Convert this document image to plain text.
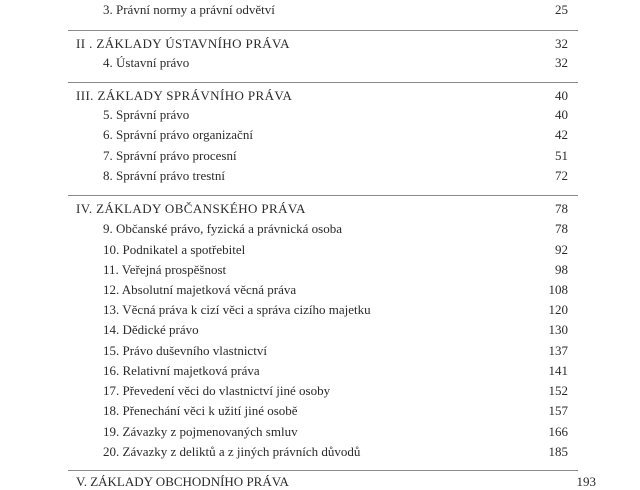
3. Právní normy a právní odvětví	25
II . ZÁKLADY ÚSTAVNÍHO PRÁVA	32
4. Ústavní právo	32
III. ZÁKLADY SPRÁVNÍHO PRÁVA	40
5. Správní právo	40
6. Správní právo organizační	42
7. Správní právo procesní	51
8. Správní právo trestní	72
IV. ZÁKLADY OBČANSKÉHO PRÁVA	78
9. Občanské právo, fyzická a právnická osoba	78
10. Podnikatel a spotřebitel	92
11. Veřejná prospěšnost	98
12. Absolutní majetková věcná práva	108
13. Věcná práva k cizí věci a správa cizího majetku	120
14. Dědické právo	130
15. Právo duševního vlastnictví	137
16. Relativní majetková práva	141
17. Převedení věci do vlastnictví jiné osoby	152
18. Přenechání věci k užití jiné osobě	157
19. Závazky z pojmenovaných smluv	166
20. Závazky z deliktů a z jiných právních důvodů	185
V. ZÁKLADY OBCHODNÍHO PRÁVA	193
